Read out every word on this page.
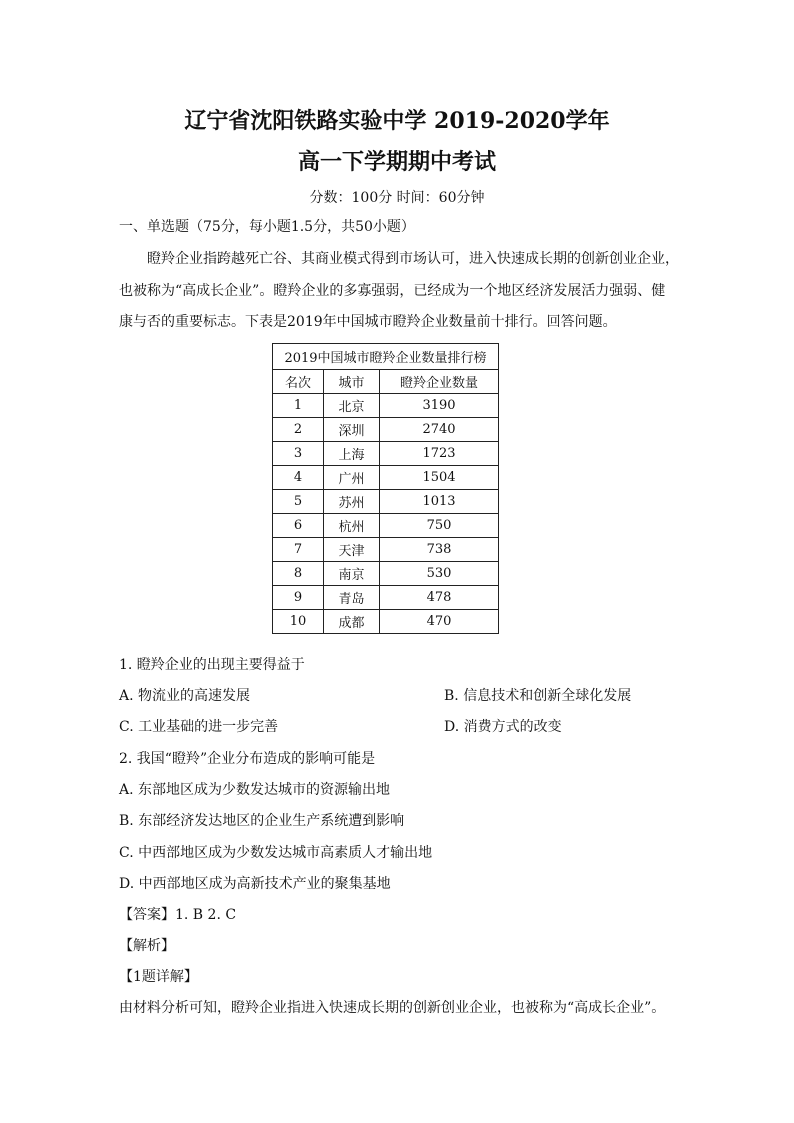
辽宁省沈阳铁路实验中学 2019-2020学年
高一下学期期中考试
分数：100分 时间：60分钟
一、单选题（75分，每小题1.5分，共50小题）

瞪羚企业指跨越死亡谷、其商业模式得到市场认可，进入快速成长期的创新创业企业，也被称为“高成长企业”。瞪羚企业的多寡强弱，已经成为一个地区经济发展活力强弱、健康与否的重要标志。下表是2019年中国城市瞪羚企业数量前十排行。回答问题。

2019中国城市瞪羚企业数量排行榜		
名次	城市	瞪羚企业数量
1	北京	3190
2	深圳	2740
3	上海	1723
4	广州	1504
5	苏州	1013
6	杭州	750
7	天津	738
8	南京	530
9	青岛	478
10	成都	470
1. 瞪羚企业的出现主要得益于
A. 物流业的高速发展	B. 信息技术和创新全球化发展
C. 工业基础的进一步完善	D. 消费方式的改变
2. 我国“瞪羚”企业分布造成的影响可能是
A. 东部地区成为少数发达城市的资源输出地
B. 东部经济发达地区的企业生产系统遭到影响
C. 中西部地区成为少数发达城市高素质人才输出地
D. 中西部地区成为高新技术产业的聚集基地
【答案】1. B 2. C
【解析】
【1题详解】
由材料分析可知，瞪羚企业指进入快速成长期的创新创业企业，也被称为“高成长企业”。
